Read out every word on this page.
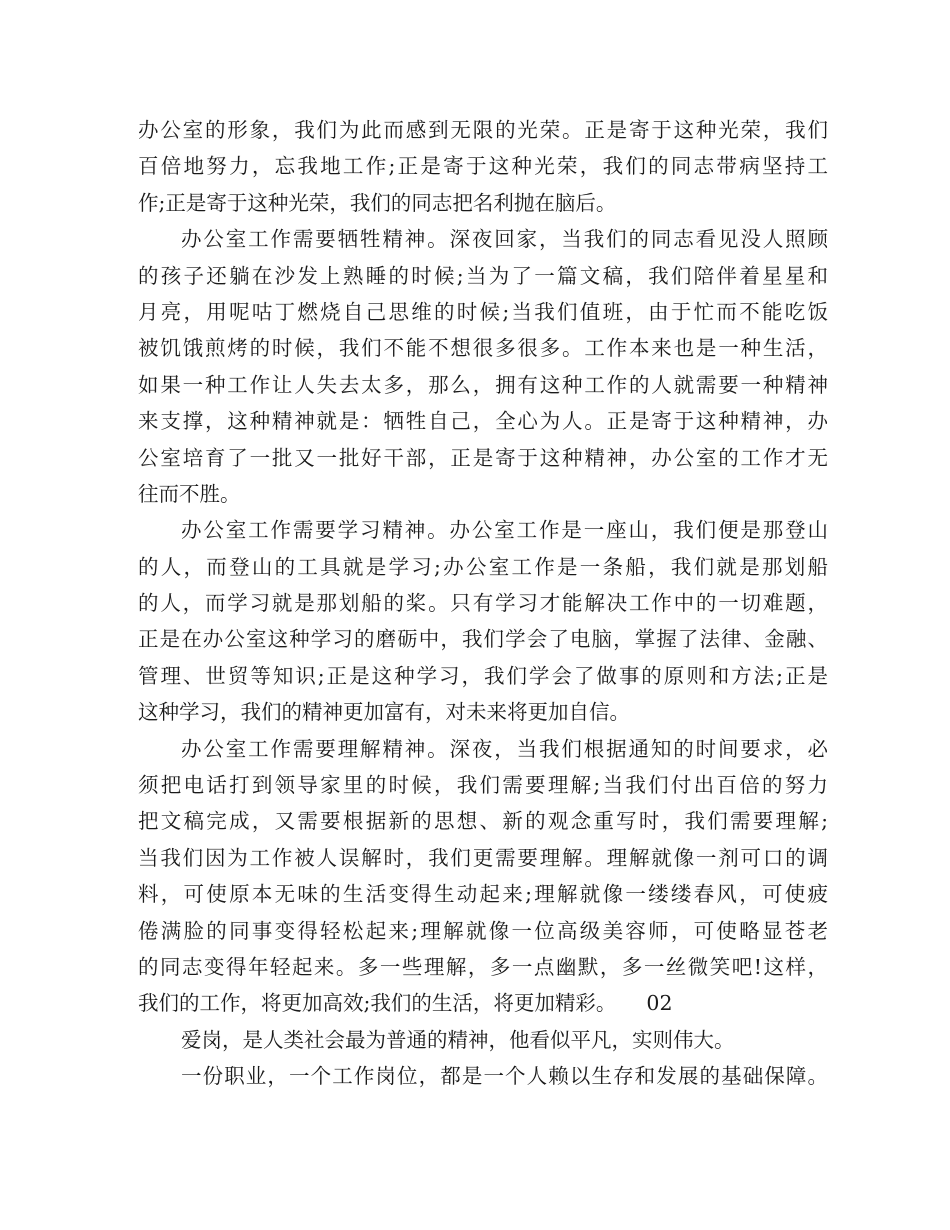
办公室的形象，我们为此而感到无限的光荣。正是寄于这种光荣，我们
百倍地努力，忘我地工作;正是寄于这种光荣，我们的同志带病坚持工
作;正是寄于这种光荣，我们的同志把名利抛在脑后。
办公室工作需要牺牲精神。深夜回家，当我们的同志看见没人照顾
的孩子还躺在沙发上熟睡的时候;当为了一篇文稿，我们陪伴着星星和
月亮，用呢咕丁燃烧自己思维的时候;当我们值班，由于忙而不能吃饭
被饥饿煎烤的时候，我们不能不想很多很多。工作本来也是一种生活，
如果一种工作让人失去太多，那么，拥有这种工作的人就需要一种精神
来支撑，这种精神就是：牺牲自己，全心为人。正是寄于这种精神，办
公室培育了一批又一批好干部，正是寄于这种精神，办公室的工作才无
往而不胜。
办公室工作需要学习精神。办公室工作是一座山，我们便是那登山
的人，而登山的工具就是学习;办公室工作是一条船，我们就是那划船
的人，而学习就是那划船的桨。只有学习才能解决工作中的一切难题，
正是在办公室这种学习的磨砺中，我们学会了电脑，掌握了法律、金融、
管理、世贸等知识;正是这种学习，我们学会了做事的原则和方法;正是
这种学习，我们的精神更加富有，对未来将更加自信。
办公室工作需要理解精神。深夜，当我们根据通知的时间要求，必
须把电话打到领导家里的时候，我们需要理解;当我们付出百倍的努力
把文稿完成，又需要根据新的思想、新的观念重写时，我们需要理解;
当我们因为工作被人误解时，我们更需要理解。理解就像一剂可口的调
料，可使原本无味的生活变得生动起来;理解就像一缕缕春风，可使疲
倦满脸的同事变得轻松起来;理解就像一位高级美容师，可使略显苍老
的同志变得年轻起来。多一些理解，多一点幽默，多一丝微笑吧!这样，
我们的工作，将更加高效;我们的生活，将更加精彩。 02
爱岗，是人类社会最为普通的精神，他看似平凡，实则伟大。
一份职业，一个工作岗位，都是一个人赖以生存和发展的基础保障。
